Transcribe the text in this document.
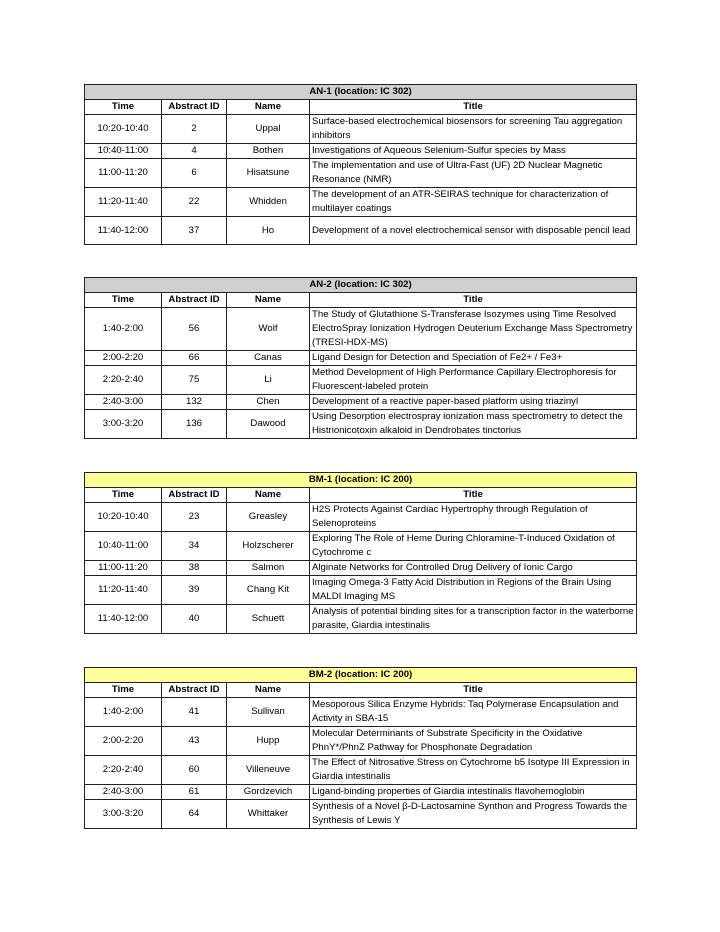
AN-1 (location: IC 302)			
Time	Abstract ID	Name	Title
10:20-10:40	2	Uppal	Surface-based electrochemical biosensors for screening Tau aggregation inhibitors
10:40-11:00	4	Bothen	Investigations of Aqueous Selenium-Sulfur species by Mass
11:00-11:20	6	Hisatsune	The implementation and use of Ultra-Fast (UF) 2D Nuclear Magnetic Resonance (NMR)
11:20-11:40	22	Whidden	The development of an ATR-SEIRAS technique for characterization of multilayer coatings
11:40-12:00	37	Ho	Development of a novel electrochemical sensor with disposable pencil lead
AN-2 (location: IC 302)			
Time	Abstract ID	Name	Title
1:40-2:00	56	Wolf	The Study of Glutathione S-Transferase Isozymes using Time Resolved ElectroSpray Ionization Hydrogen Deuterium Exchange Mass Spectrometry (TRESI-HDX-MS)
2:00-2:20	66	Canas	Ligand Design for Detection and Speciation of Fe2+ / Fe3+
2:20-2:40	75	Li	Method Development of High Performance Capillary Electrophoresis for Fluorescent-labeled protein
2:40-3:00	132	Chen	Development of a reactive paper-based platform using triazinyl
3:00-3:20	136	Dawood	Using Desorption electrospray ionization mass spectrometry to detect the Histrionicotoxin alkaloid in Dendrobates tinctorius
BM-1 (location: IC 200)			
Time	Abstract ID	Name	Title
10:20-10:40	23	Greasley	H2S Protects Against Cardiac Hypertrophy through Regulation of Selenoproteins
10:40-11:00	34	Holzscherer	Exploring The Role of Heme During Chloramine-T-Induced Oxidation of Cytochrome c
11:00-11:20	38	Salmon	Alginate Networks for Controlled Drug Delivery of Ionic Cargo
11:20-11:40	39	Chang Kit	Imaging Omega-3 Fatty Acid Distribution in Regions of the Brain Using MALDI Imaging MS
11:40-12:00	40	Schuett	Analysis of potential binding sites for a transcription factor in the waterborne parasite, Giardia intestinalis
BM-2 (location: IC 200)			
Time	Abstract ID	Name	Title
1:40-2:00	41	Sullivan	Mesoporous Silica Enzyme Hybrids: Taq Polymerase Encapsulation and Activity in SBA-15
2:00-2:20	43	Hupp	Molecular Determinants of Substrate Specificity in the Oxidative PhnY*/PhnZ Pathway for Phosphonate Degradation
2:20-2:40	60	Villeneuve	The Effect of Nitrosative Stress on Cytochrome b5 Isotype III Expression in Giardia intestinalis
2:40-3:00	61	Gordzevich	Ligand-binding properties of Giardia intestinalis flavohemoglobin
3:00-3:20	64	Whittaker	Synthesis of a Novel β-D-Lactosamine Synthon and Progress Towards the Synthesis of Lewis Y
